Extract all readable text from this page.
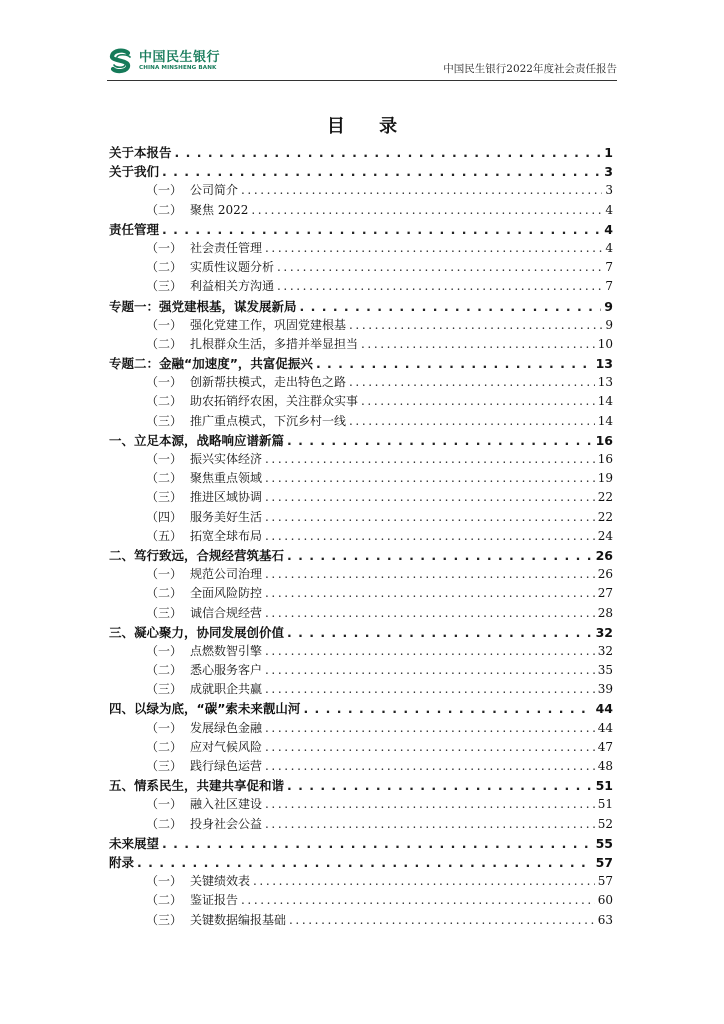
中国民生银行
CHINA MINSHENG BANK	中国民生银行2022年度社会责任报告
目 录
关于本报告 . . .	1
关于我们 . . .	3
（一） 公司简介 .....	3
（二） 聚焦 2022 .....	4
责任管理 . . .	4
（一） 社会责任管理 .....	4
（二） 实质性议题分析 .....	7
（三） 利益相关方沟通 .....	7
专题一：强党建根基，谋发展新局 . . .	9
（一） 强化党建工作，巩固党建根基 .....	9
（二） 扎根群众生活，多措并举显担当 .....	10
专题二：金融“加速度”，共富促振兴 . . .	13
（一） 创新帮扶模式，走出特色之路 .....	13
（二） 助农拓销纾农困，关注群众实事 .....	14
（三） 推广重点模式，下沉乡村一线 .....	14
一、立足本源，战略响应谱新篇 . . .	16
（一） 振兴实体经济 .....	16
（二） 聚焦重点领域 .....	19
（三） 推进区域协调 .....	22
（四） 服务美好生活 .....	22
（五） 拓宽全球布局 .....	24
二、笃行致远，合规经营筑基石 . . .	26
（一） 规范公司治理 .....	26
（二） 全面风险防控 .....	27
（三） 诚信合规经营 .....	28
三、凝心聚力，协同发展创价值 . . .	32
（一） 点燃数智引擎 .....	32
（二） 悉心服务客户 .....	35
（三） 成就职企共赢 .....	39
四、以绿为底，“碳”索未来靓山河 . . .	44
（一） 发展绿色金融 .....	44
（二） 应对气候风险 .....	47
（三） 践行绿色运营 .....	48
五、情系民生，共建共享促和谐 . . .	51
（一） 融入社区建设 .....	51
（二） 投身社会公益 .....	52
未来展望 . . .	55
附录 . . .	57
（一） 关键绩效表 .....	57
（二） 鉴证报告 .....	60
（三） 关键数据编报基础 .....	63
